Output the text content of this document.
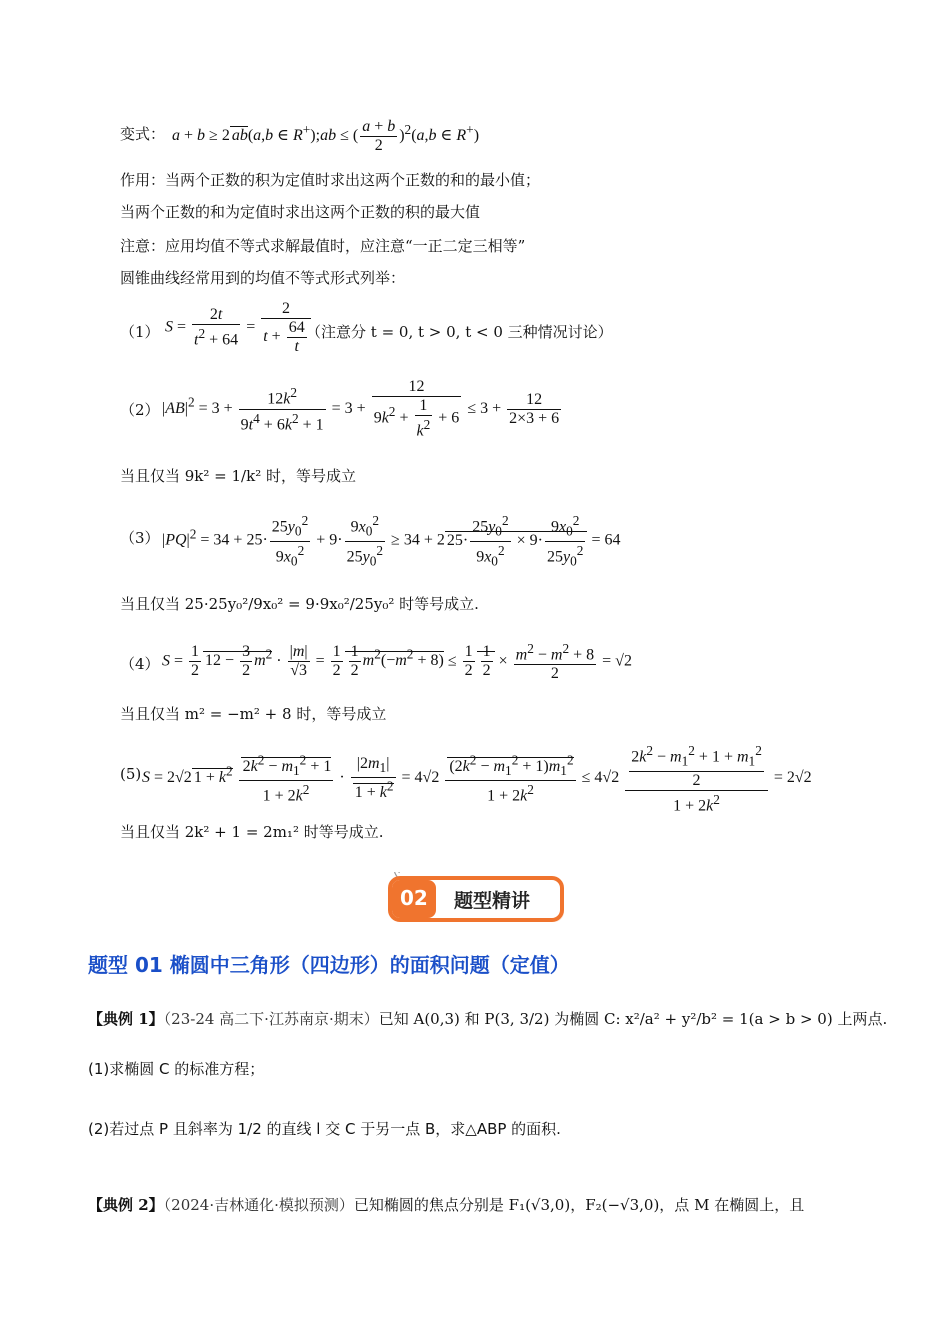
变式： a + b ≥ 2 ab(a,b ∈ R+);ab ≤ ( $\frac{a + b}{2} )^2(a,b$ ∈ R+)
作用：当两个正数的积为定值时求出这两个正数的和的最小值；
当两个正数的和为定值时求出这两个正数的积的最大值
注意：应用均值不等式求解最值时，应注意“一正二定三相等”
圆锥曲线经常用到的均值不等式形式列举：
（1） $S = \frac{2t}{t^2 + 64} = \frac{2}{t + \frac{64}{t}}$
（注意分 t = 0, t > 0, t < 0 三种情况讨论）
（2） $|AB|^2 = 3 + \frac{12k^2}{9t^4 + 6k^2 + 1} = 3 + \frac{12}{9k^2 + \frac{1}{k^2} + 6} \le 3 + \frac{12}{2\times 3 + 6}$
当且仅当 9k² = 1/k² 时，等号成立
（3） $|PQ|^2 = 34 + 25\cdot \frac{25y_0^2}{9x_0^2} + 9\cdot \frac{9x_0^2}{25y_0^2} \ge 34 + 2$ $25\cdot \frac{25y_0^2}{9x_0^2} \times 9\cdot \frac{9x_0^2}{25y_0^2} = 64$
当且仅当 25·25y₀²/9x₀² = 9·9x₀²/25y₀² 时等号成立.
（4） $S = \frac{1}{2} 12 - \frac{3}{2} m^2 \cdot \frac{|m|}{√3} = \frac{1}{2} \frac{1}{2} m^2(-m^2 + 8) \le \frac{1}{2} \frac{1}{2} \times \frac{m^2 - m^2 + 8}{2} = √2$
当且仅当 m² = −m² + 8 时，等号成立
(5) S = 2√2 $1 + k^2 \frac{2k^2 - m_1^2 + 1}{1 + 2k^2} \cdot \frac{|2m_1|}{1 + k^2} = 4√2 \frac{(2k^2 - m_1^2 + 1)m_1^2}{1 + 2k^2} \le 4√2 \frac{\frac{2k^2 - m_1^2 + 1 + m_1^2}{2}}{1 + 2k^2} = 2√2$
当且仅当 2k² + 1 = 2m₁² 时等号成立.
02 题型精讲
题型 01 椭圆中三角形（四边形）的面积问题（定值）
【典例 1】（23-24 高二下·江苏南京·期末）已知 A(0,3) 和 P(3, 3/2) 为椭圆 C: x²/a² + y²/b² = 1(a > b > 0) 上两点.
(1)求椭圆 C 的标准方程；
(2)若过点 P 且斜率为 1/2 的直线 l 交 C 于另一点 B，求△ABP 的面积.
【典例 2】（2024·吉林通化·模拟预测）已知椭圆的焦点分别是 F₁(√3,0)，F₂(−√3,0)，点 M 在椭圆上，且
